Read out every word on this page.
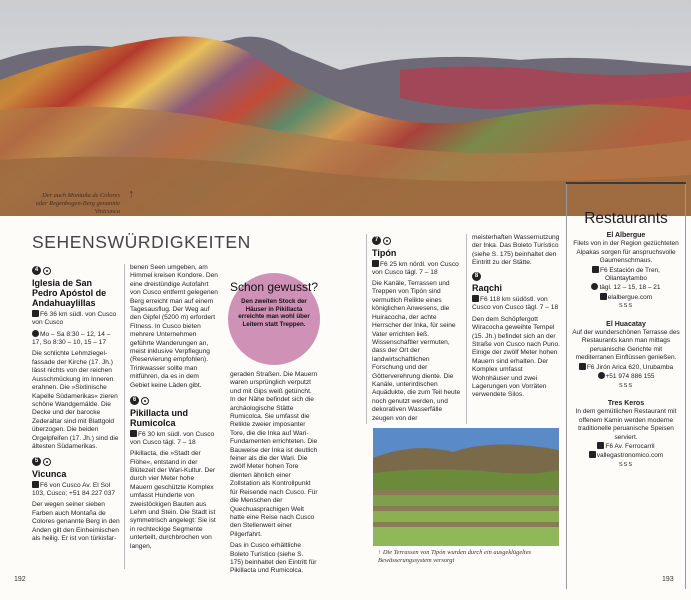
Der auch Montaña de Colores oder Regenbogen-Berg genannte Vinicunca
↑
SEHENSWÜRDIGKEITEN
4
Iglesia de San Pedro Apóstol de Andahuaylillas
F6 36 km südl. von Cusco von Cusco
Mo – Sa 8:30 – 12, 14 – 17, So 8:30 – 10, 15 – 17

Die schlichte Lehmziegel-fassade der Kirche (17. Jh.) lässt nichts von der reichen Ausschmückung im Inneren erahnen. Die »Sixtinische Kapelle Südamerikas« zieren schöne Wandgemälde. Die Decke und der barocke Zederaltar sind mit Blattgold überzogen. Die beiden Orgelpfeifen (17. Jh.) sind die ältesten Südamerikas.

5
Vicunca
F6 von Cusco Av. El Sol 103, Cusco; +51 84 227 037

Der wegen seiner sieben Farben auch Montaña de Colores genannte Berg in den Anden gilt den Einheimischen als heilig. Er ist von türkisfar-

benen Seen umgeben, am Himmel kreisen Kondore. Den eine dreistündige Autofahrt von Cusco entfernt gelegenen Berg erreicht man auf einem Tagesausflug. Der Weg auf den Gipfel (5200 m) erfordert Fitness. In Cusco bieten mehrere Unternehmen geführte Wanderungen an, meist inklusive Verpflegung (Reservierung empfohlen). Trinkwasser sollte man mitführen, da es in dem Gebiet keine Läden gibt.

6
Pikillacta und Rumicolca
F6 30 km südl. von Cusco von Cusco tägl. 7 – 18

Pikillacta, die »Stadt der Flöhe«, entstand in der Blütezeit der Wari-Kultur. Der durch vier Meter hohe Mauern geschützte Komplex umfasst Hunderte von zweistöckigen Bauten aus Lehm und Stein. Die Stadt ist symmetrisch angelegt: Sie ist in rechteckige Segmente unterteilt, durchbrochen von langen,

Schon gewusst?
Den zweiten Stock der Häuser in Pikillacta erreichte man wohl über Leitern statt Treppen.

geraden Straßen. Die Mauern waren ursprünglich verputzt und mit Gips weiß getüncht. In der Nähe befindet sich die archäologische Stätte Rumicolca. Sie umfasst die Relikte zweier imposanter Tore, die die Inka auf Wari-Fundamenten errichteten. Die Bauweise der Inka ist deutlich feiner als die der Wari. Die zwölf Meter hohen Tore dienten ähnlich einer Zollstation als Kontrollpunkt für Reisende nach Cusco. Für die Menschen der Quechuasprachigen Welt hatte eine Reise nach Cusco den Stellenwert einer Pilgerfahrt.

Das in Cusco erhältliche Boleto Turístico (siehe S. 175) beinhaltet den Eintritt für Pikillacta und Rumicolca.

7
Tipón
F6 25 km nördl. von Cusco von Cusco tägl. 7 – 18

Die Kanäle, Terrassen und Treppen von Tipón sind vermutlich Relikte eines königlichen Anwesens, die Huiracocha, der achte Herrscher der Inka, für seine Vater errichten ließ. Wissenschaftler vermuten, dass der Ort der landwirtschaftlichen Forschung und der Götterverehrung diente. Die Kanäle, unterirdischen Aquädukte, die zum Teil heute noch genutzt werden, und dekorativen Wasserfälle zeugen von der

meisterhaften Wassernutzung der Inka. Das Boleto Turístico (siehe S. 175) beinhaltet den Eintritt zu der Stätte.

8
Raqchi
F6 118 km südöstl. von Cusco von Cusco tägl. 7 – 18

Den dem Schöpfergott Wiracocha geweihte Tempel (15. Jh.) befindet sich an der Straße von Cusco nach Puno. Einige der zwölf Meter hohen Mauern sind erhalten. Der Komplex umfasst Wohnhäuser und zwei Lagerungen von Vorräten verwendete Silos.

↑ Die Terrassen von Tipón wurden durch ein ausgeklügeltes Bewässerungssystem versorgt
Restaurants
El Albergue
Filets von in der Region gezüchteten Alpakas sorgen für anspruchsvolle Gaumenschmaus.
F6 Estación de Tren, Ollantaytambo
tägl. 12 – 15, 18 – 21
elalbergue.com
SSS
El Huacatay
Auf der wunderschönen Terrasse des Restaurants kann man mittags peruanische Gerichte mit mediterranen Einflüssen genießen.
F6 Jirón Arica 620, Urubamba
+51 974 886 155
SSS
Tres Keros
In dem gemütlichen Restaurant mit offenem Kamin werden moderne traditionelle peruanische Speisen serviert.
F6 Av. Ferrocarril
vallegastronomico.com
SSS
192	193
